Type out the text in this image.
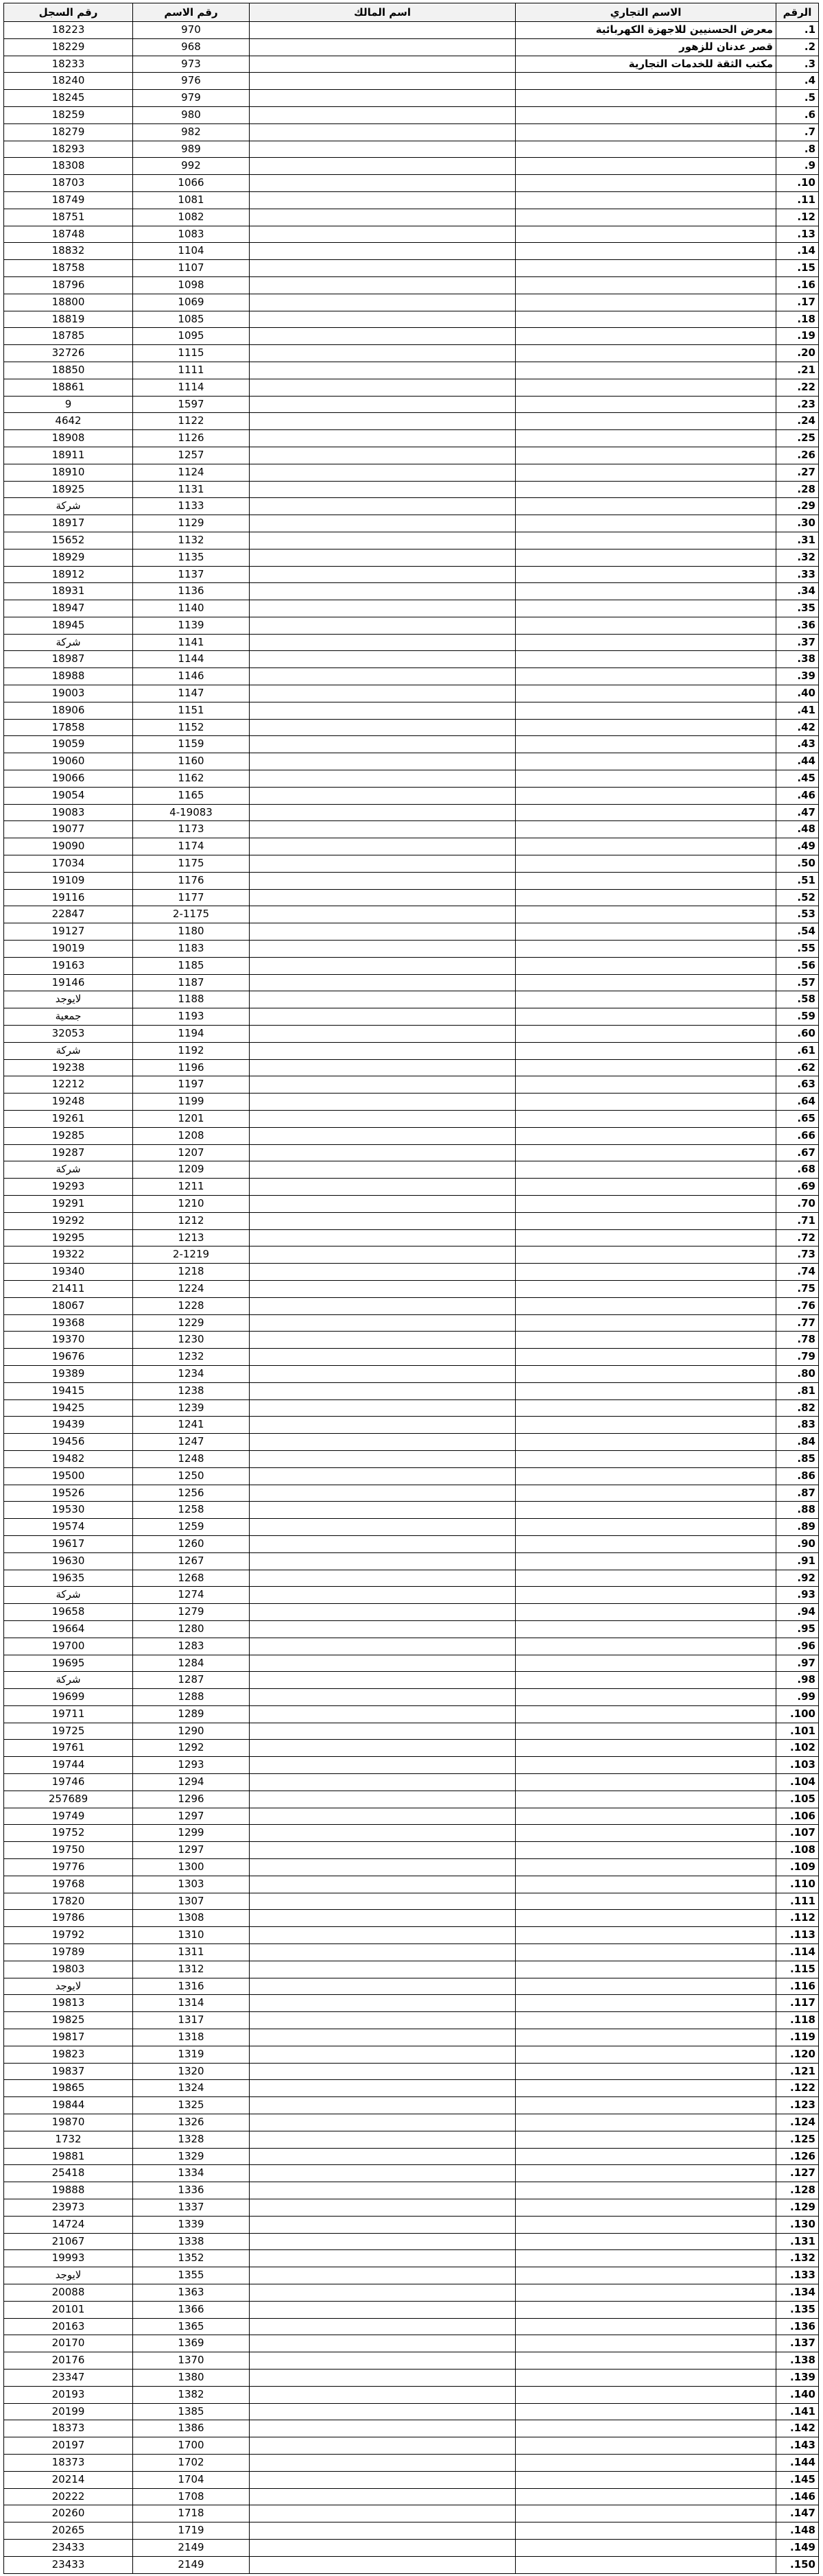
الرقم	الاسم التجاري	اسم المالك	رقم الاسم	رقم السجل
1.	معرض الحسنيين للاجهزة الكهربائية		970	18223
2.	قصر عدنان للزهور		968	18229
3.	مكتب الثقة للخدمات التجارية		973	18233
4.			976	18240
5.			979	18245
6.			980	18259
7.			982	18279
8.			989	18293
9.			992	18308
10.			1066	18703
11.			1081	18749
12.			1082	18751
13.			1083	18748
14.			1104	18832
15.			1107	18758
16.			1098	18796
17.			1069	18800
18.			1085	18819
19.			1095	18785
20.			1115	32726
21.			1111	18850
22.			1114	18861
23.			1597	9
24.			1122	4642
25.			1126	18908
26.			1257	18911
27.			1124	18910
28.			1131	18925
29.			1133	شركة
30.			1129	18917
31.			1132	15652
32.			1135	18929
33.			1137	18912
34.			1136	18931
35.			1140	18947
36.			1139	18945
37.			1141	شركة
38.			1144	18987
39.			1146	18988
40.			1147	19003
41.			1151	18906
42.			1152	17858
43.			1159	19059
44.			1160	19060
45.			1162	19066
46.			1165	19054
47.			4-19083	19083
48.			1173	19077
49.			1174	19090
50.			1175	17034
51.			1176	19109
52.			1177	19116
53.			2-1175	22847
54.			1180	19127
55.			1183	19019
56.			1185	19163
57.			1187	19146
58.			1188	لايوجد
59.			1193	جمعية
60.			1194	32053
61.			1192	شركة
62.			1196	19238
63.			1197	12212
64.			1199	19248
65.			1201	19261
66.			1208	19285
67.			1207	19287
68.			1209	شركة
69.			1211	19293
70.			1210	19291
71.			1212	19292
72.			1213	19295
73.			2-1219	19322
74.			1218	19340
75.			1224	21411
76.			1228	18067
77.			1229	19368
78.			1230	19370
79.			1232	19676
80.			1234	19389
81.			1238	19415
82.			1239	19425
83.			1241	19439
84.			1247	19456
85.			1248	19482
86.			1250	19500
87.			1256	19526
88.			1258	19530
89.			1259	19574
90.			1260	19617
91.			1267	19630
92.			1268	19635
93.			1274	شركة
94.			1279	19658
95.			1280	19664
96.			1283	19700
97.			1284	19695
98.			1287	شركة
99.			1288	19699
100.			1289	19711
101.			1290	19725
102.			1292	19761
103.			1293	19744
104.			1294	19746
105.			1296	257689
106.			1297	19749
107.			1299	19752
108.			1297	19750
109.			1300	19776
110.			1303	19768
111.			1307	17820
112.			1308	19786
113.			1310	19792
114.			1311	19789
115.			1312	19803
116.			1316	لايوجد
117.			1314	19813
118.			1317	19825
119.			1318	19817
120.			1319	19823
121.			1320	19837
122.			1324	19865
123.			1325	19844
124.			1326	19870
125.			1328	1732
126.			1329	19881
127.			1334	25418
128.			1336	19888
129.			1337	23973
130.			1339	14724
131.			1338	21067
132.			1352	19993
133.			1355	لايوجد
134.			1363	20088
135.			1366	20101
136.			1365	20163
137.			1369	20170
138.			1370	20176
139.			1380	23347
140.			1382	20193
141.			1385	20199
142.			1386	18373
143.			1700	20197
144.			1702	18373
145.			1704	20214
146.			1708	20222
147.			1718	20260
148.			1719	20265
149.			2149	23433
150.			2149	23433
